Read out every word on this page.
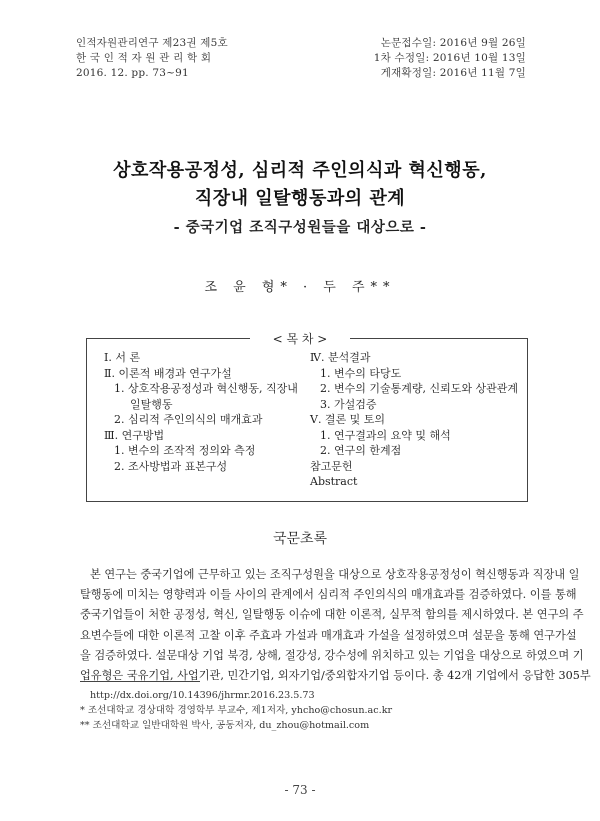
인적자원관리연구 제23권 제5호
한 국 인 적 자 원 관 리 학 회
2016. 12. pp. 73~91
논문접수일: 2016년 9월 26일
1차 수정일: 2016년 10월 13일
게재확정일: 2016년 11월 7일
상호작용공정성, 심리적 주인의식과 혁신행동,
직장내 일탈행동과의 관계
- 중국기업 조직구성원들을 대상으로 -
조 윤 형* · 두 주**
< 목 차 >
Ⅰ. 서 론
Ⅱ. 이론적 배경과 연구가설
1. 상호작용공정성과 혁신행동, 직장내
일탈행동
2. 심리적 주인의식의 매개효과
Ⅲ. 연구방법
1. 변수의 조작적 정의와 측정
2. 조사방법과 표본구성
Ⅳ. 분석결과
1. 변수의 타당도
2. 변수의 기술통계량, 신뢰도와 상관관계
3. 가설검증
Ⅴ. 결론 및 토의
1. 연구결과의 요약 및 해석
2. 연구의 한계점
참고문헌
Abstract
국문초록
본 연구는 중국기업에 근무하고 있는 조직구성원을 대상으로 상호작용공정성이 혁신행동과 직장내 일
탈행동에 미치는 영향력과 이들 사이의 관계에서 심리적 주인의식의 매개효과를 검증하였다. 이를 통해
중국기업들이 처한 공정성, 혁신, 일탈행동 이슈에 대한 이론적, 실무적 함의를 제시하였다. 본 연구의 주
요변수들에 대한 이론적 고찰 이후 주효과 가설과 매개효과 가설을 설정하였으며 설문을 통해 연구가설
을 검증하였다. 설문대상 기업 북경, 상해, 절강성, 강수성에 위치하고 있는 기업을 대상으로 하였으며 기
업유형은 국유기업, 사업기관, 민간기업, 외자기업/중외합자기업 등이다. 총 42개 기업에서 응답한 305부
http://dx.doi.org/10.14396/jhrmr.2016.23.5.73
* 조선대학교 경상대학 경영학부 부교수, 제1저자, yhcho@chosun.ac.kr
** 조선대학교 일반대학원 박사, 공동저자, du_zhou@hotmail.com
- 73 -
